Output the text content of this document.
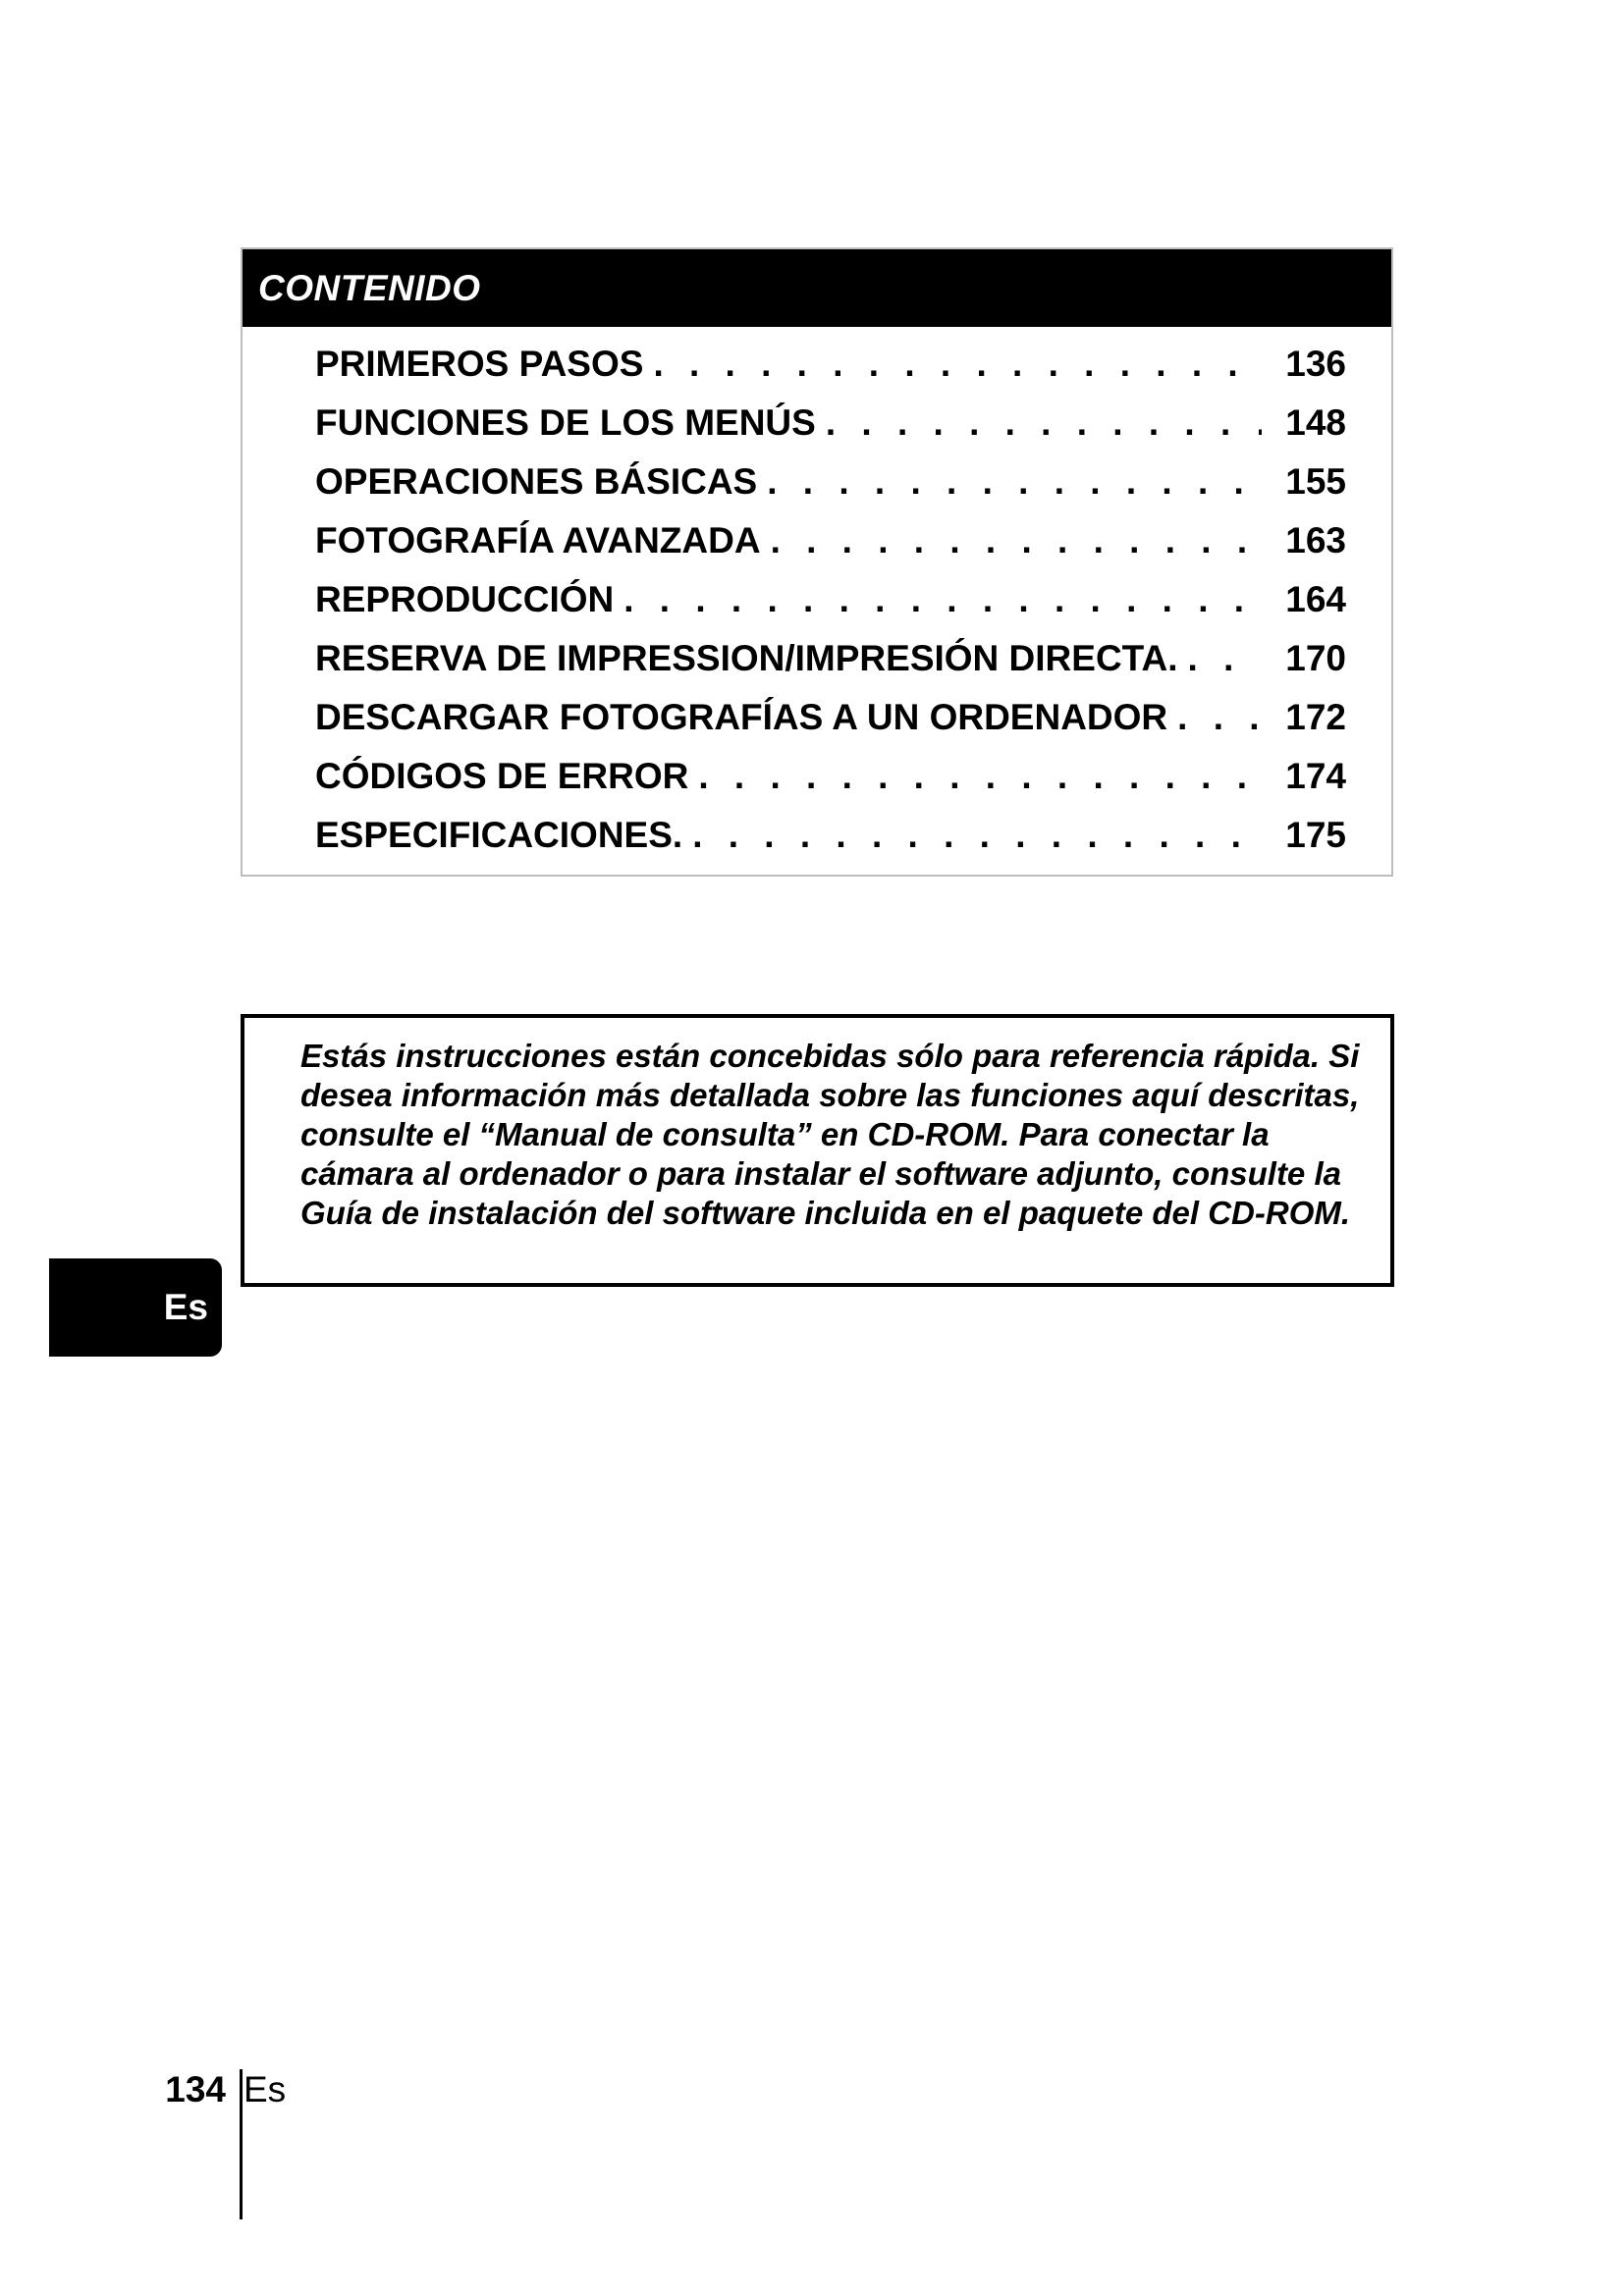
CONTENIDO
PRIMEROS PASOS . . .	136
FUNCIONES DE LOS MENÚS . . .	148
OPERACIONES BÁSICAS . . .	155
FOTOGRAFÍA AVANZADA . . .	163
REPRODUCCIÓN . . .	164
RESERVA DE IMPRESSION/IMPRESIÓN DIRECTA. . . .	170
DESCARGAR FOTOGRAFÍAS A UN ORDENADOR . . .	172
CÓDIGOS DE ERROR . . .	174
ESPECIFICACIONES. . . .	175

Estás instrucciones están concebidas sólo para referencia rápida. Si desea información más detallada sobre las funciones aquí descritas, consulte el “Manual de consulta” en CD-ROM. Para conectar la cámara al ordenador o para instalar el software adjunto, consulte la Guía de instalación del software incluida en el paquete del CD-ROM.

Es
134 Es
